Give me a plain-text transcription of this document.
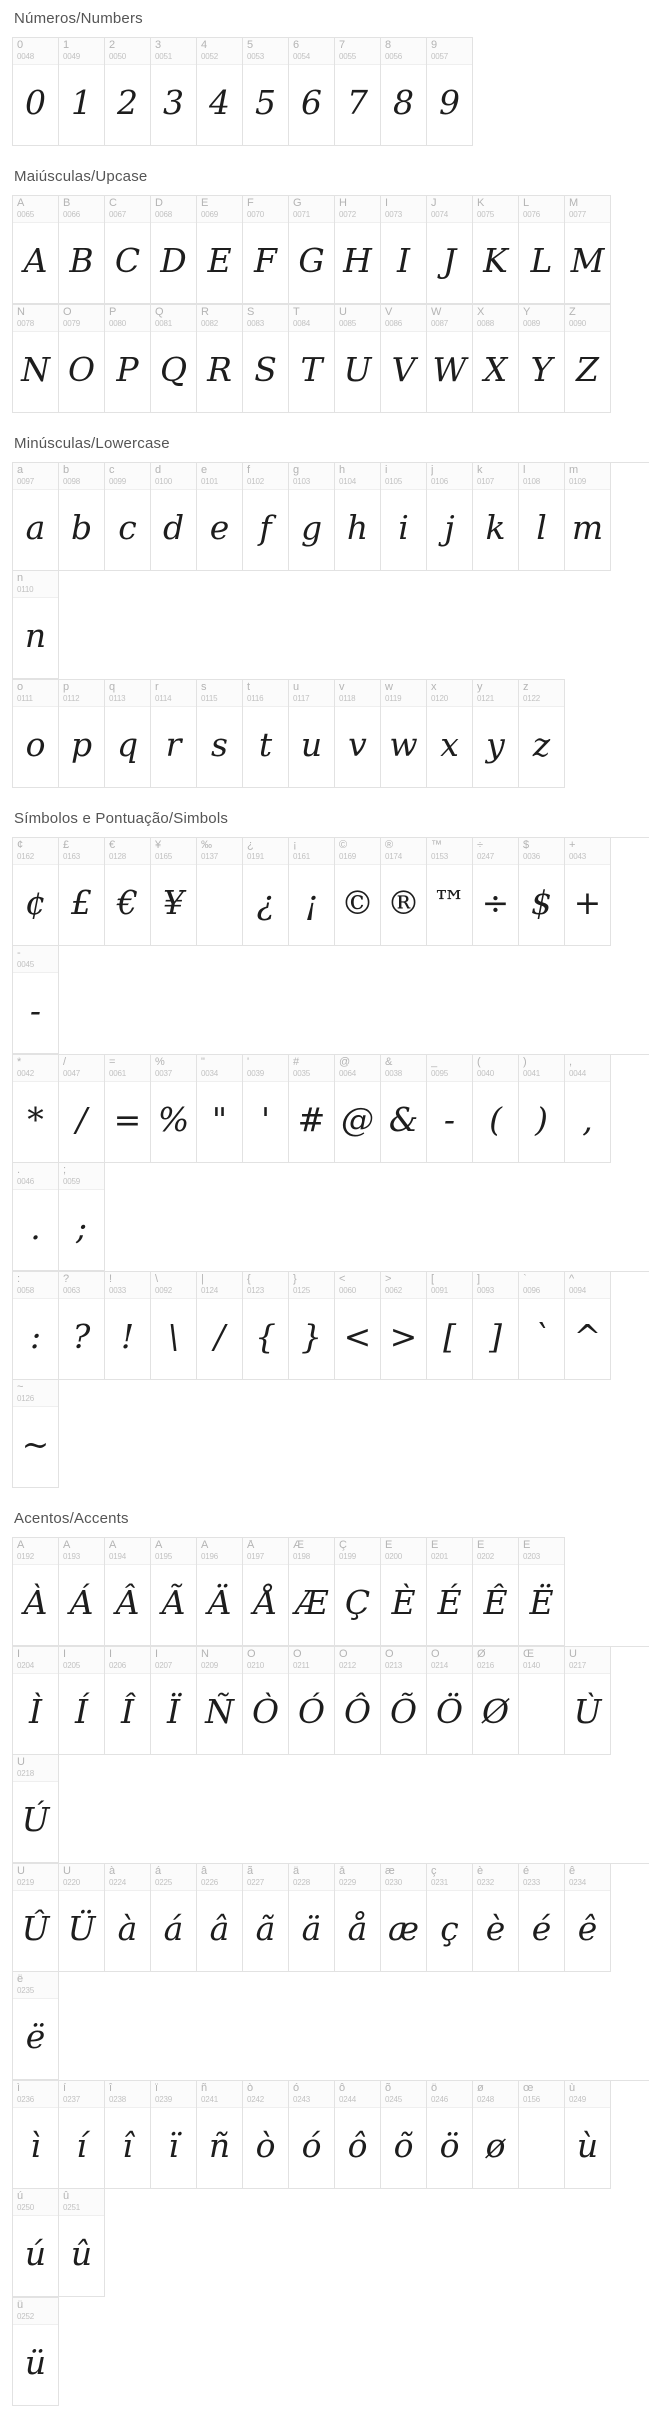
Números/Numbers
0
0048
0
1
0049
1
2
0050
2
3
0051
3
4
0052
4
5
0053
5
6
0054
6
7
0055
7
8
0056
8
9
0057
9
Maiúsculas/Upcase
A
0065
A
B
0066
B
C
0067
C
D
0068
D
E
0069
E
F
0070
F
G
0071
G
H
0072
H
I
0073
I
J
0074
J
K
0075
K
L
0076
L
M
0077
M
N
0078
N
O
0079
O
P
0080
P
Q
0081
Q
R
0082
R
S
0083
S
T
0084
T
U
0085
U
V
0086
V
W
0087
W
X
0088
X
Y
0089
Y
Z
0090
Z
Minúsculas/Lowercase
a
0097
a
b
0098
b
c
0099
c
d
0100
d
e
0101
e
f
0102
f
g
0103
g
h
0104
h
i
0105
i
j
0106
j
k
0107
k
l
0108
l
m
0109
m
n
0110
n
o
0111
o
p
0112
p
q
0113
q
r
0114
r
s
0115
s
t
0116
t
u
0117
u
v
0118
v
w
0119
w
x
0120
x
y
0121
y
z
0122
z
Símbolos e Pontuação/Simbols
¢
0162
¢
£
0163
£
€
0128
€
¥
0165
¥
‰
0137
¿
0191
¿
¡
0161
¡
©
0169
©
®
0174
®
™
0153
™
÷
0247
÷
$
0036
$
+
0043
+
-
0045
-
*
0042
*
/
0047
/
=
0061
=
%
0037
%
"
0034
"
'
0039
'
#
0035
#
@
0064
@
&
0038
&
_
0095
-
(
0040
(
)
0041
)
,
0044
,
.
0046
.
;
0059
;
:
0058
:
?
0063
?
!
0033
!
\
0092
\
|
0124
/
{
0123
{
}
0125
}
<
0060
<
>
0062
>
[
0091
[
]
0093
]
`
0096
`
^
0094
^
~
0126
~
Acentos/Accents
À
0192
À
Á
0193
Á
Â
0194
Â
Ã
0195
Ã
Ä
0196
Ä
Å
0197
Å
Æ
0198
Æ
Ç
0199
Ç
È
0200
È
É
0201
É
Ê
0202
Ê
Ë
0203
Ë
Ì
0204
Ì
Í
0205
Í
Î
0206
Î
Ï
0207
Ï
Ñ
0209
Ñ
Ò
0210
Ò
Ó
0211
Ó
Ô
0212
Ô
Õ
0213
Õ
Ö
0214
Ö
Ø
0216
Ø
Œ
0140
Ù
0217
Ù
Ú
0218
Ú
Û
0219
Û
Ü
0220
Ü
à
0224
à
á
0225
á
â
0226
â
ã
0227
ã
ä
0228
ä
å
0229
å
æ
0230
æ
ç
0231
ç
è
0232
è
é
0233
é
ê
0234
ê
ë
0235
ë
ì
0236
ì
í
0237
í
î
0238
î
ï
0239
ï
ñ
0241
ñ
ò
0242
ò
ó
0243
ó
ô
0244
ô
õ
0245
õ
ö
0246
ö
ø
0248
ø
œ
0156
ù
0249
ù
ú
0250
ú
û
0251
û
ü
0252
ü
